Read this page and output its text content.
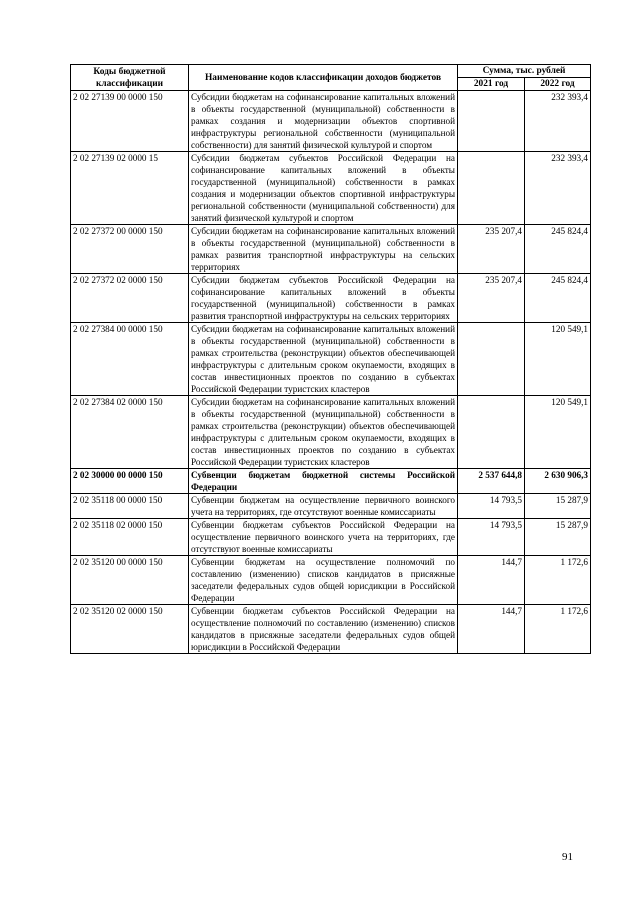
Коды бюджетной классификации	Наименование кодов классификации доходов бюджетов	Сумма, тыс. рублей	
		2021 год	2022 год
2 02 27139 00 0000 150	Субсидии бюджетам на софинансирование капитальных вложений в объекты государственной (муниципальной) собственности в рамках создания и модернизации объектов спортивной инфраструктуры региональной собственности (муниципальной собственности) для занятий физической культурой и спортом		232 393,4
2 02 27139 02 0000 15	Субсидии бюджетам субъектов Российской Федерации на софинансирование капитальных вложений в объекты государственной (муниципальной) собственности в рамках создания и модернизации объектов спортивной инфраструктуры региональной собственности (муниципальной собственности) для занятий физической культурой и спортом		232 393,4
2 02 27372 00 0000 150	Субсидии бюджетам на софинансирование капитальных вложений в объекты государственной (муниципальной) собственности в рамках развития транспортной инфраструктуры на сельских территориях	235 207,4	245 824,4
2 02 27372 02 0000 150	Субсидии бюджетам субъектов Российской Федерации на софинансирование капитальных вложений в объекты государственной (муниципальной) собственности в рамках развития транспортной инфраструктуры на сельских территориях	235 207,4	245 824,4
2 02 27384 00 0000 150	Субсидии бюджетам на софинансирование капитальных вложений в объекты государственной (муниципальной) собственности в рамках строительства (реконструкции) объектов обеспечивающей инфраструктуры с длительным сроком окупаемости, входящих в состав инвестиционных проектов по созданию в субъектах Российской Федерации туристских кластеров		120 549,1
2 02 27384 02 0000 150	Субсидии бюджетам на софинансирование капитальных вложений в объекты государственной (муниципальной) собственности в рамках строительства (реконструкции) объектов обеспечивающей инфраструктуры с длительным сроком окупаемости, входящих в состав инвестиционных проектов по созданию в субъектах Российской Федерации туристских кластеров		120 549,1
2 02 30000 00 0000 150	Субвенции бюджетам бюджетной системы Российской Федерации	2 537 644,8	2 630 906,3
2 02 35118 00 0000 150	Субвенции бюджетам на осуществление первичного воинского учета на территориях, где отсутствуют военные комиссариаты	14 793,5	15 287,9
2 02 35118 02 0000 150	Субвенции бюджетам субъектов Российской Федерации на осуществление первичного воинского учета на территориях, где отсутствуют военные комиссариаты	14 793,5	15 287,9
2 02 35120 00 0000 150	Субвенции бюджетам на осуществление полномочий по составлению (изменению) списков кандидатов в присяжные заседатели федеральных судов общей юрисдикции в Российской Федерации	144,7	1 172,6
2 02 35120 02 0000 150	Субвенции бюджетам субъектов Российской Федерации на осуществление полномочий по составлению (изменению) списков кандидатов в присяжные заседатели федеральных судов общей юрисдикции в Российской Федерации	144,7	1 172,6
91
